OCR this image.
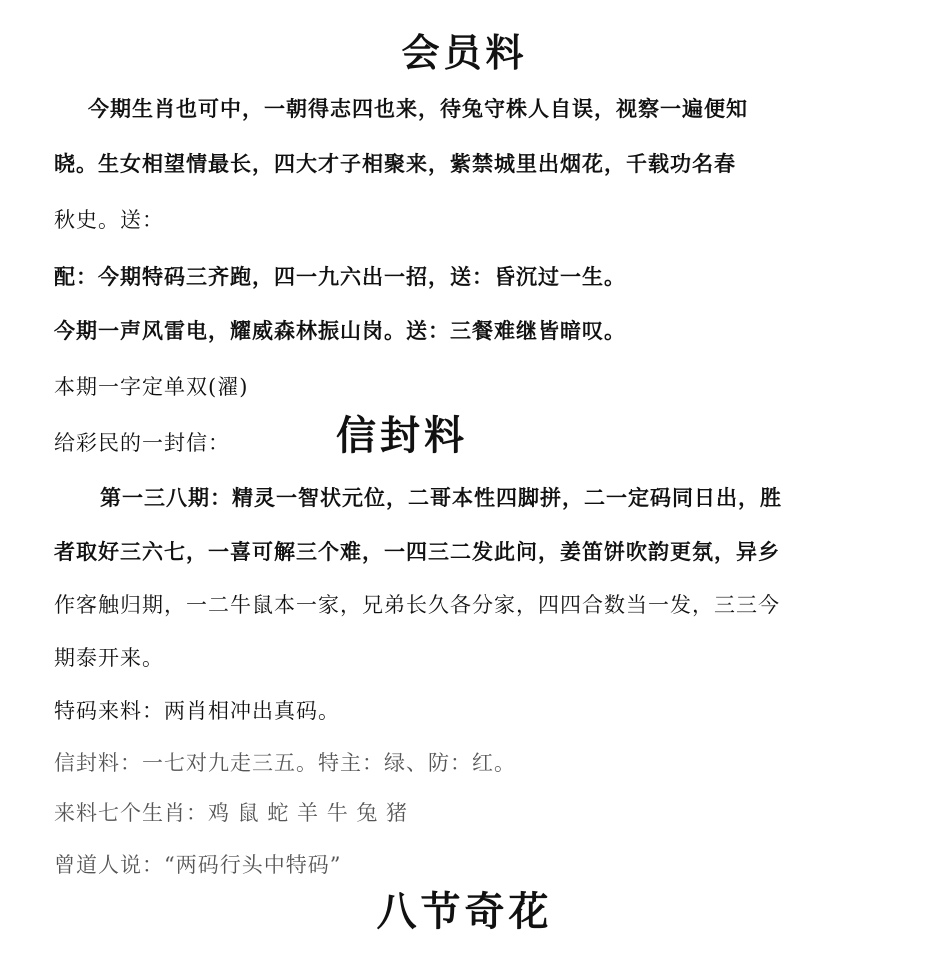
会员料
今期生肖也可中，一朝得志四也来，待兔守株人自误，视察一遍便知
晓。生女相望情最长，四大才子相聚来，紫禁城里出烟花，千载功名春
秋史。送：
配：今期特码三齐跑，四一九六出一招，送：昏沉过一生。
今期一声风雷电，耀威森林振山岗。送：三餐难继皆暗叹。
本期一字定单双(濯)
给彩民的一封信：	信封料
第一三八期：精灵一智状元位，二哥本性四脚拼，二一定码同日出，胜
者取好三六七，一喜可解三个难，一四三二发此问，姜笛饼吹韵更氛，异乡
作客触归期，一二牛鼠本一家，兄弟长久各分家，四四合数当一发，三三今
期泰开来。
特码来料：两肖相冲出真码。
信封料：一七对九走三五。特主：绿、防：红。
来料七个生肖：鸡 鼠 蛇 羊 牛 兔 猪
曾道人说：“两码行头中特码”
八节奇花
